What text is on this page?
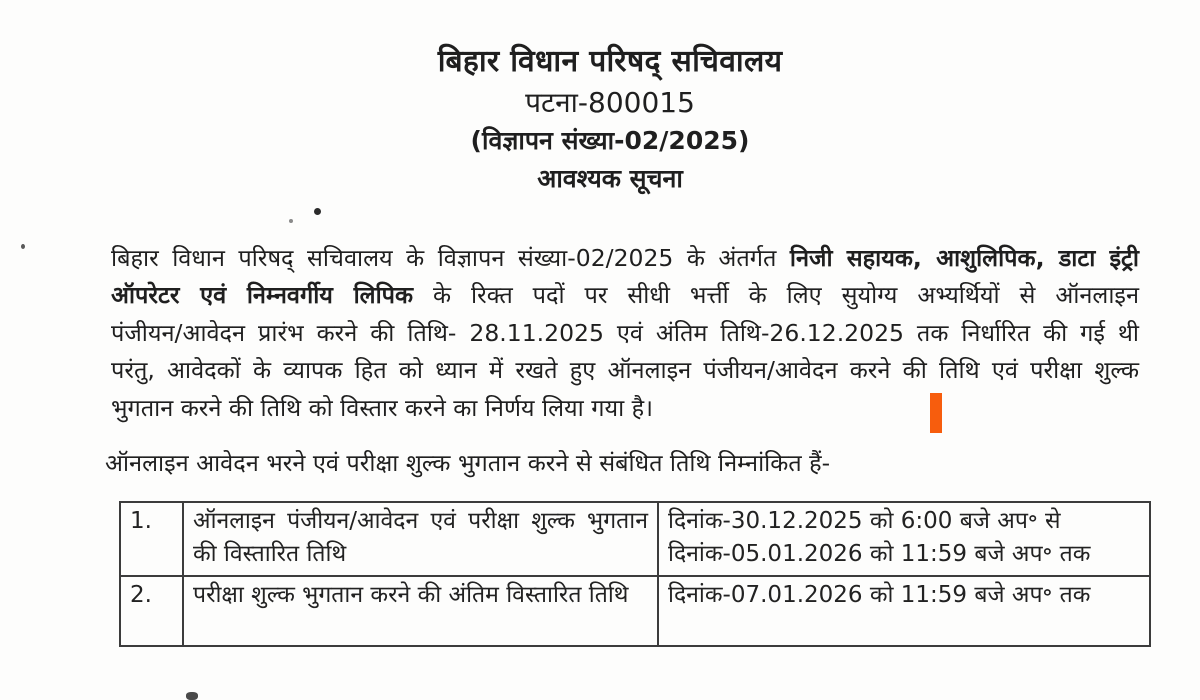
बिहार विधान परिषद् सचिवालय
पटना-800015
(विज्ञापन संख्या-02/2025)
आवश्यक सूचना
बिहार विधान परिषद् सचिवालय के विज्ञापन संख्या-02/2025 के अंतर्गत निजी सहायक, आशुलिपिक, डाटा इंट्री
ऑपरेटर एवं निम्नवर्गीय लिपिक के रिक्त पदों पर सीधी भर्त्ती के लिए सुयोग्य अभ्यर्थियों से ऑनलाइन
पंजीयन/आवेदन प्रारंभ करने की तिथि- 28.11.2025 एवं अंतिम तिथि-26.12.2025 तक निर्धारित की गई थी
परंतु, आवेदकों के व्यापक हित को ध्यान में रखते हुए ऑनलाइन पंजीयन/आवेदन करने की तिथि एवं परीक्षा शुल्क
भुगतान करने की तिथि को विस्तार करने का निर्णय लिया गया है।
ऑनलाइन आवेदन भरने एवं परीक्षा शुल्क भुगतान करने से संबंधित तिथि निम्नांकित हैं-
1.	ऑनलाइन पंजीयन/आवेदन एवं परीक्षा शुल्क भुगतान की विस्तारित तिथि	दिनांक-30.12.2025 को 6:00 बजे अप॰ से दिनांक-05.01.2026 को 11:59 बजे अप॰ तक
2.	परीक्षा शुल्क भुगतान करने की अंतिम विस्तारित तिथि	दिनांक-07.01.2026 को 11:59 बजे अप॰ तक
